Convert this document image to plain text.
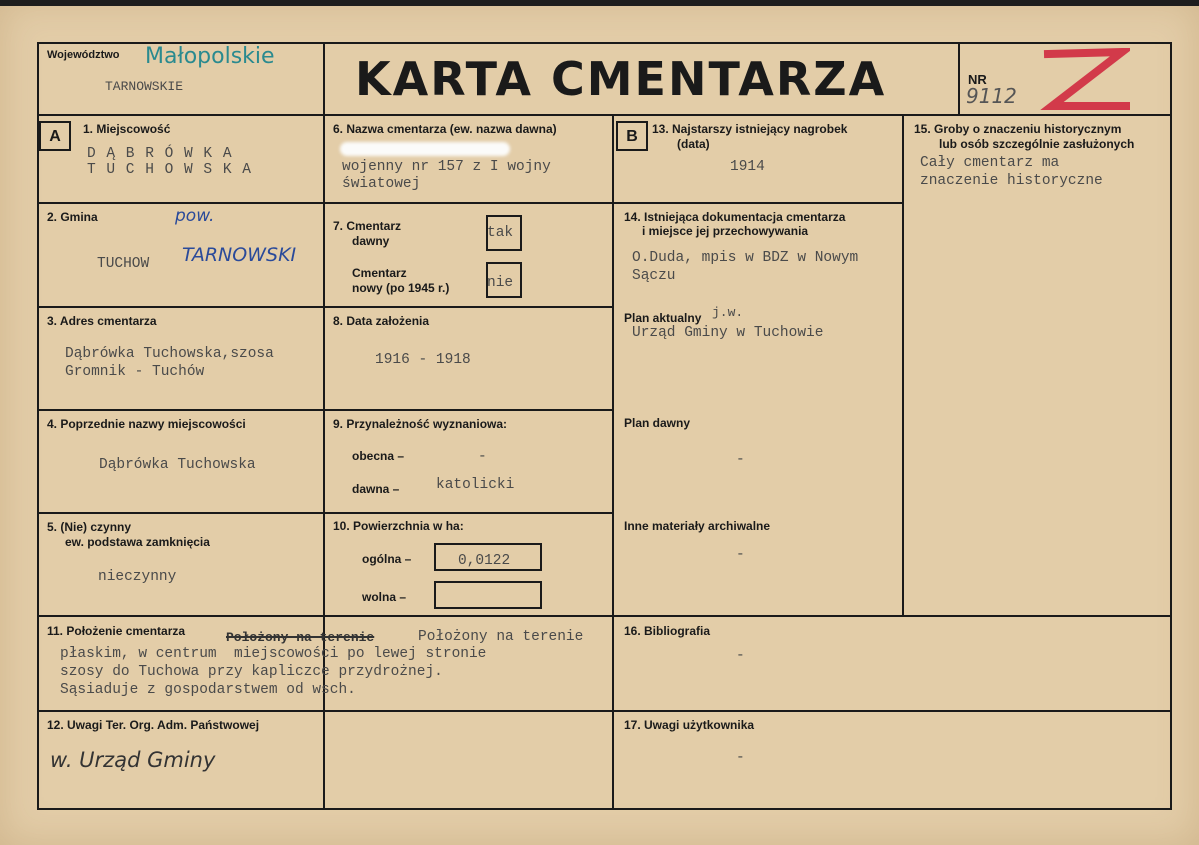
Województwo Małopolskie
TARNOWSKIE	KARTA CMENTARZA	NR
9112
A	B
1. Miejscowość
D Ą B R Ó W K A
T U C H O W S K A
2. Gmina	pow.
TUCHOW TARNOWSKI
3. Adres cmentarza
Dąbrówka Tuchowska,szosa
Gromnik - Tuchów
4. Poprzednie nazwy miejscowości
Dąbrówka Tuchowska
5. (Nie) czynny
ew. podstawa zamknięcia
nieczynny
6. Nazwa cmentarza (ew. nazwa dawna)
wojenny nr 157 z I wojny
światowej
7. Cmentarz
dawny	tak
Cmentarz
nowy (po 1945 r.)	nie
8. Data założenia
1916 - 1918
9. Przynależność wyznaniowa:
obecna –	-
dawna –	katolicki
10. Powierzchnia w ha:
ogólna –	0,0122
wolna –
11. Położenie cmentarza	Położony na terenie	Położony na terenie
płaskim, w centrum  miejscowości po lewej stronie
szosy do Tuchowa przy kapliczce przydrożnej.
Sąsiaduje z gospodarstwem od wsch.
12. Uwagi Ter. Org. Adm. Państwowej
w. Urząd Gminy
13. Najstarszy istniejący nagrobek
(data)
1914
14. Istniejąca dokumentacja cmentarza
i miejsce jej przechowywania
O.Duda, mpis w BDZ w Nowym
Sączu
Plan aktualny j.w.
Urząd Gminy w Tuchowie
Plan dawny
-
Inne materiały archiwalne
-
15. Groby o znaczeniu historycznym
lub osób szczególnie zasłużonych
Cały cmentarz ma
znaczenie historyczne
16. Bibliografia
-
17. Uwagi użytkownika
-
